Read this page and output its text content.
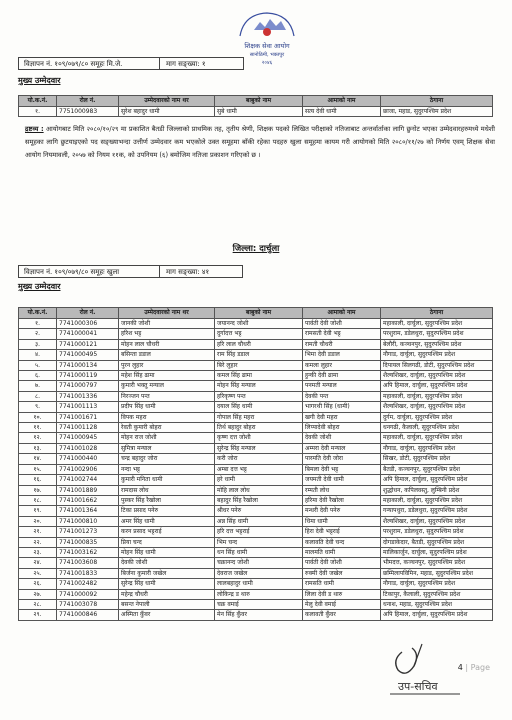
शिक्षक सेवा आयोग
सानोठिमी, भक्तपुर
२०४६
विज्ञापन नं. १०९/०७९/८० समूहः मि.जे.	माग सङ्ख्या: १
मुख्य उम्मेदवार
यो.क.नं.	रोल नं.	उम्मेदवारको नाम थर	बाबुको नाम	आमाको नाम	ठेगाना
१.	7751000983	सुरेश बहादुर धामी	सुबे धामी	सत्य देवी धामी	छाजा, महाड, सुदुरपश्चिम प्रदेश
द्रष्टव्य : आयोगबाट मिति २०८०/१०/२९ मा प्रकाशित बैतडी जिल्लाको प्राथमिक तह, तृतीय श्रेणी, शिक्षक पदको लिखित परीक्षाको नतिजाबाट अन्तर्वार्ताका लागि छुनोट भएका उम्मेदवारहरुमध्ये मधेशी समूहका लागि छुटयाइएको पद सङ्ख्याभन्दा उत्तीर्ण उम्मेदवार कम भएकोले उक्त समूहमा बाँकी रहेका पदहरु खुला समूहमा कायम गरी आयोगको मिति २०८०/११/२७ को निर्णय एवम् शिक्षक सेवा आयोग नियमावली, २०५७ को नियम ११क, को उपनियम (६) बमोजिम नतिजा प्रकाशन गरिएको छ ।
जिल्ला: दार्चुला
विज्ञापन नं. १०९/०७९/८० समूहः खुला	माग सङ्ख्या: ४१
मुख्य उम्मेदवार
यो.क.नं.	रोल नं.	उम्मेदवारको नाम थर	बाबुको नाम	आमाको नाम	ठेगाना
१.	7741000306	जानकी जोशी	जयानन्द जोशी	पार्वती देवी जोशी	महाकाली, दार्चुला, सुदुरपश्चिम प्रदेश
२.	7741000041	हरिश भट्ट	दुर्गादत्त भट्ट	रामसती देवी भट्ट	परशुराम, डडेलधुरा, सुदुरपश्चिम प्रदेश
३.	7741000121	मोहन लाल चौधरी	हरि लाल चौधरी	रामती चौधरी	बेलौरी, कञ्चनपुर, सुदुरपश्चिम प्रदेश
४.	7741000495	बसिन्ता डडाल	राम सिंह डडाल	भिमा देवी डडाल	नौगाड, दार्चुला, सुदुरपश्चिम प्रदेश
५.	7741000134	पुरन लुहार	बिरे लुहार	कमला लुहार	दिपायल सिलगढी, डोटी, सुदुरपश्चिम प्रदेश
६.	7741000119	महेश सिंह ढामा	कमल सिंह ढामा	हुन्की देवी ढामा	शैल्यशिखर, दार्चुला, सुदुरपश्चिम प्रदेश
७.	7741000797	कुमारी भक्तु मन्याल	मोहन सिंह मन्याल	पनमती मन्याल	अपि हिमाल, दार्चुला, सुदुरपश्चिम प्रदेश
८.	7741001336	निरञ्जन पन्त	हरिकृष्ण पन्त	देवकी पन्त	महाकाली, दार्चुला, सुदुरपश्चिम प्रदेश
९.	7741001113	प्रदीप सिंह धामी	दयाल सिंह धामी	भागरथी सिंह (धामी)	शैल्यशिखर, दार्चुला, सुदुरपश्चिम प्रदेश
१०.	7741001671	विपक महरा	गोपाल सिंह महरा	खगी देवी महरा	दुर्गम, दार्चुला, सुदुरपश्चिम प्रदेश
११.	7741001128	रेवती कुमारी बोहरा	तिर्थ बहादुर बोहरा	लिप्पादेवी बोहरा	धनगढी, कैलाली, सुदुरपश्चिम प्रदेश
१२.	7741000945	मोहन राज जोशी	कृष्ण दत्त जोशी	देवकी जोशी	महाकाली, दार्चुला, सुदुरपश्चिम प्रदेश
१३.	7741001028	सुमित्रा मन्याल	सुरेन्द्र सिंह मन्याल	अम्मरा देवी मन्याल	नौगाड, दार्चुला, सुदुरपश्चिम प्रदेश
१४.	7741000440	चन्द्र बहादुर जोरा	करी जोरा	पारमति देवी जोरा	सिखर, डोटी, सुदुरपश्चिम प्रदेश
१५.	7741002906	नन्दा भट्ट	अम्बा दत्त भट्ट	बिमला देवी भट्ट	बैतडी, कञ्चनपुर, सुदुरपश्चिम प्रदेश
१६.	7741002744	कुमारी मनिता धामी	हरे धामी	जयमती देवी धामी	अपि हिमाल, दार्चुला, सुदुरपश्चिम प्रदेश
१७.	7741001889	रामदास लोध	मोहि लाल लोध	रम्मती लोध	शुद्धोधन, कपिलवस्तु, लुम्बिनी प्रदेश
१८.	7741001662	पुस्कर सिंह रैखोला	बहादुर सिंह रैखोला	हरिमा देवी रैखोला	महाकाली, दार्चुला, सुदुरपश्चिम प्रदेश
१९.	7741001364	टिका प्रसाद पनेरु	श्रीधर पनेरु	मन्धरी देवी पनेरु	गन्यापधुरा, डडेलधुरा, सुदुरपश्चिम प्रदेश
२०.	7741000810	अमर सिंह धामी	अन्न सिंह धामी	धिमा धामी	शैल्यशिखर, दार्चुला, सुदुरपश्चिम प्रदेश
२१.	7741001273	करन प्रसाद भट्टराई	हरि दत्त भट्टराई	हिरा देवी भट्टराई	परशुराम, डडेलधुरा, सुदुरपश्चिम प्रदेश
२२.	7741000835	प्रिया चन्द	भिम चन्द	कलावति देवी चन्द	दोगडाकेदार, बैतडी, सुदुरपश्चिम प्रदेश
२३.	7741003162	मोहन सिंह धामी	धन सिंह धामी	मालमति धामी	मालिकार्जुन, दार्चुला, सुदुरपश्चिम प्रदेश
२४.	7741003608	देवकी जोशी	चक्रानन्द जोशी	पार्वती देवी जोशी	भीमदत्त, कञ्चनपुर, सुदुरपश्चिम प्रदेश
२५.	7741001833	बिर्जना कुमारी जखेल	देवराज जखेल	रुक्मी देवी जखेल	छम्मिलापविमिन, महाड, सुदुरपश्चिम प्रदेश
२६.	7741002482	सुरेन्द्र सिंह धामी	लालबहादुर धामी	रामसति धामी	नौगाड, दार्चुला, सुदुरपश्चिम प्रदेश
२७.	7741000092	महेन्द्र चौधरी	लोकिन्द्र ड थारु	लिला देवी ड थारु	टिकापुर, कैलाली, सुदुरपश्चिम प्रदेश
२८.	7741003078	बसन्त नेपाली	चक्र वमाई	मेलु देवी वमाई	धनाश, महाड, सुदुरपश्चिम प्रदेश
२९.	7741000846	अस्मिता कुँवर	मेन सिंह कुँवर	कलावती कुँवर	अपि हिमाल, दार्चुला, सुदुरपश्चिम प्रदेश
4 | Page
उप-सचिव
